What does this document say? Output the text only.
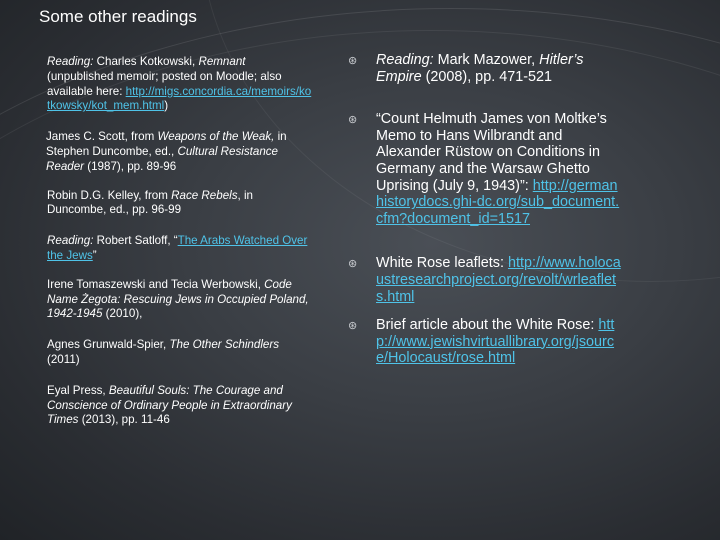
Some other readings

Reading: Charles Kotkowski, Remnant (unpublished memoir; posted on Moodle; also available here: http://migs.concordia.ca/memoirs/kotkowsky/kot_mem.html)

James C. Scott, from Weapons of the Weak, in Stephen Duncombe, ed., Cultural Resistance Reader (1987), pp. 89-96

Robin D.G. Kelley, from Race Rebels, in Duncombe, ed., pp. 96-99

Reading: Robert Satloff, “The Arabs Watched Over the Jews”

Irene Tomaszewski and Tecia Werbowski, Code Name Żegota: Rescuing Jews in Occupied Poland, 1942-1945 (2010),

Agnes Grunwald-Spier, The Other Schindlers (2011)

Eyal Press, Beautiful Souls: The Courage and Conscience of Ordinary People in Extraordinary Times (2013), pp. 11-46

⊛ Reading: Mark Mazower, Hitler’s Empire (2008), pp. 471-521
⊛ “Count Helmuth James von Moltke’s Memo to Hans Wilbrandt and Alexander Rüstow on Conditions in Germany and the Warsaw Ghetto Uprising (July 9, 1943)”: http://germanhistorydocs.ghi-dc.org/sub_document.cfm?document_id=1517
⊛ White Rose leaflets: http://www.holocaustresearchproject.org/revolt/wrleaflets.html
⊛ Brief article about the White Rose: http://www.jewishvirtuallibrary.org/jsource/Holocaust/rose.html
